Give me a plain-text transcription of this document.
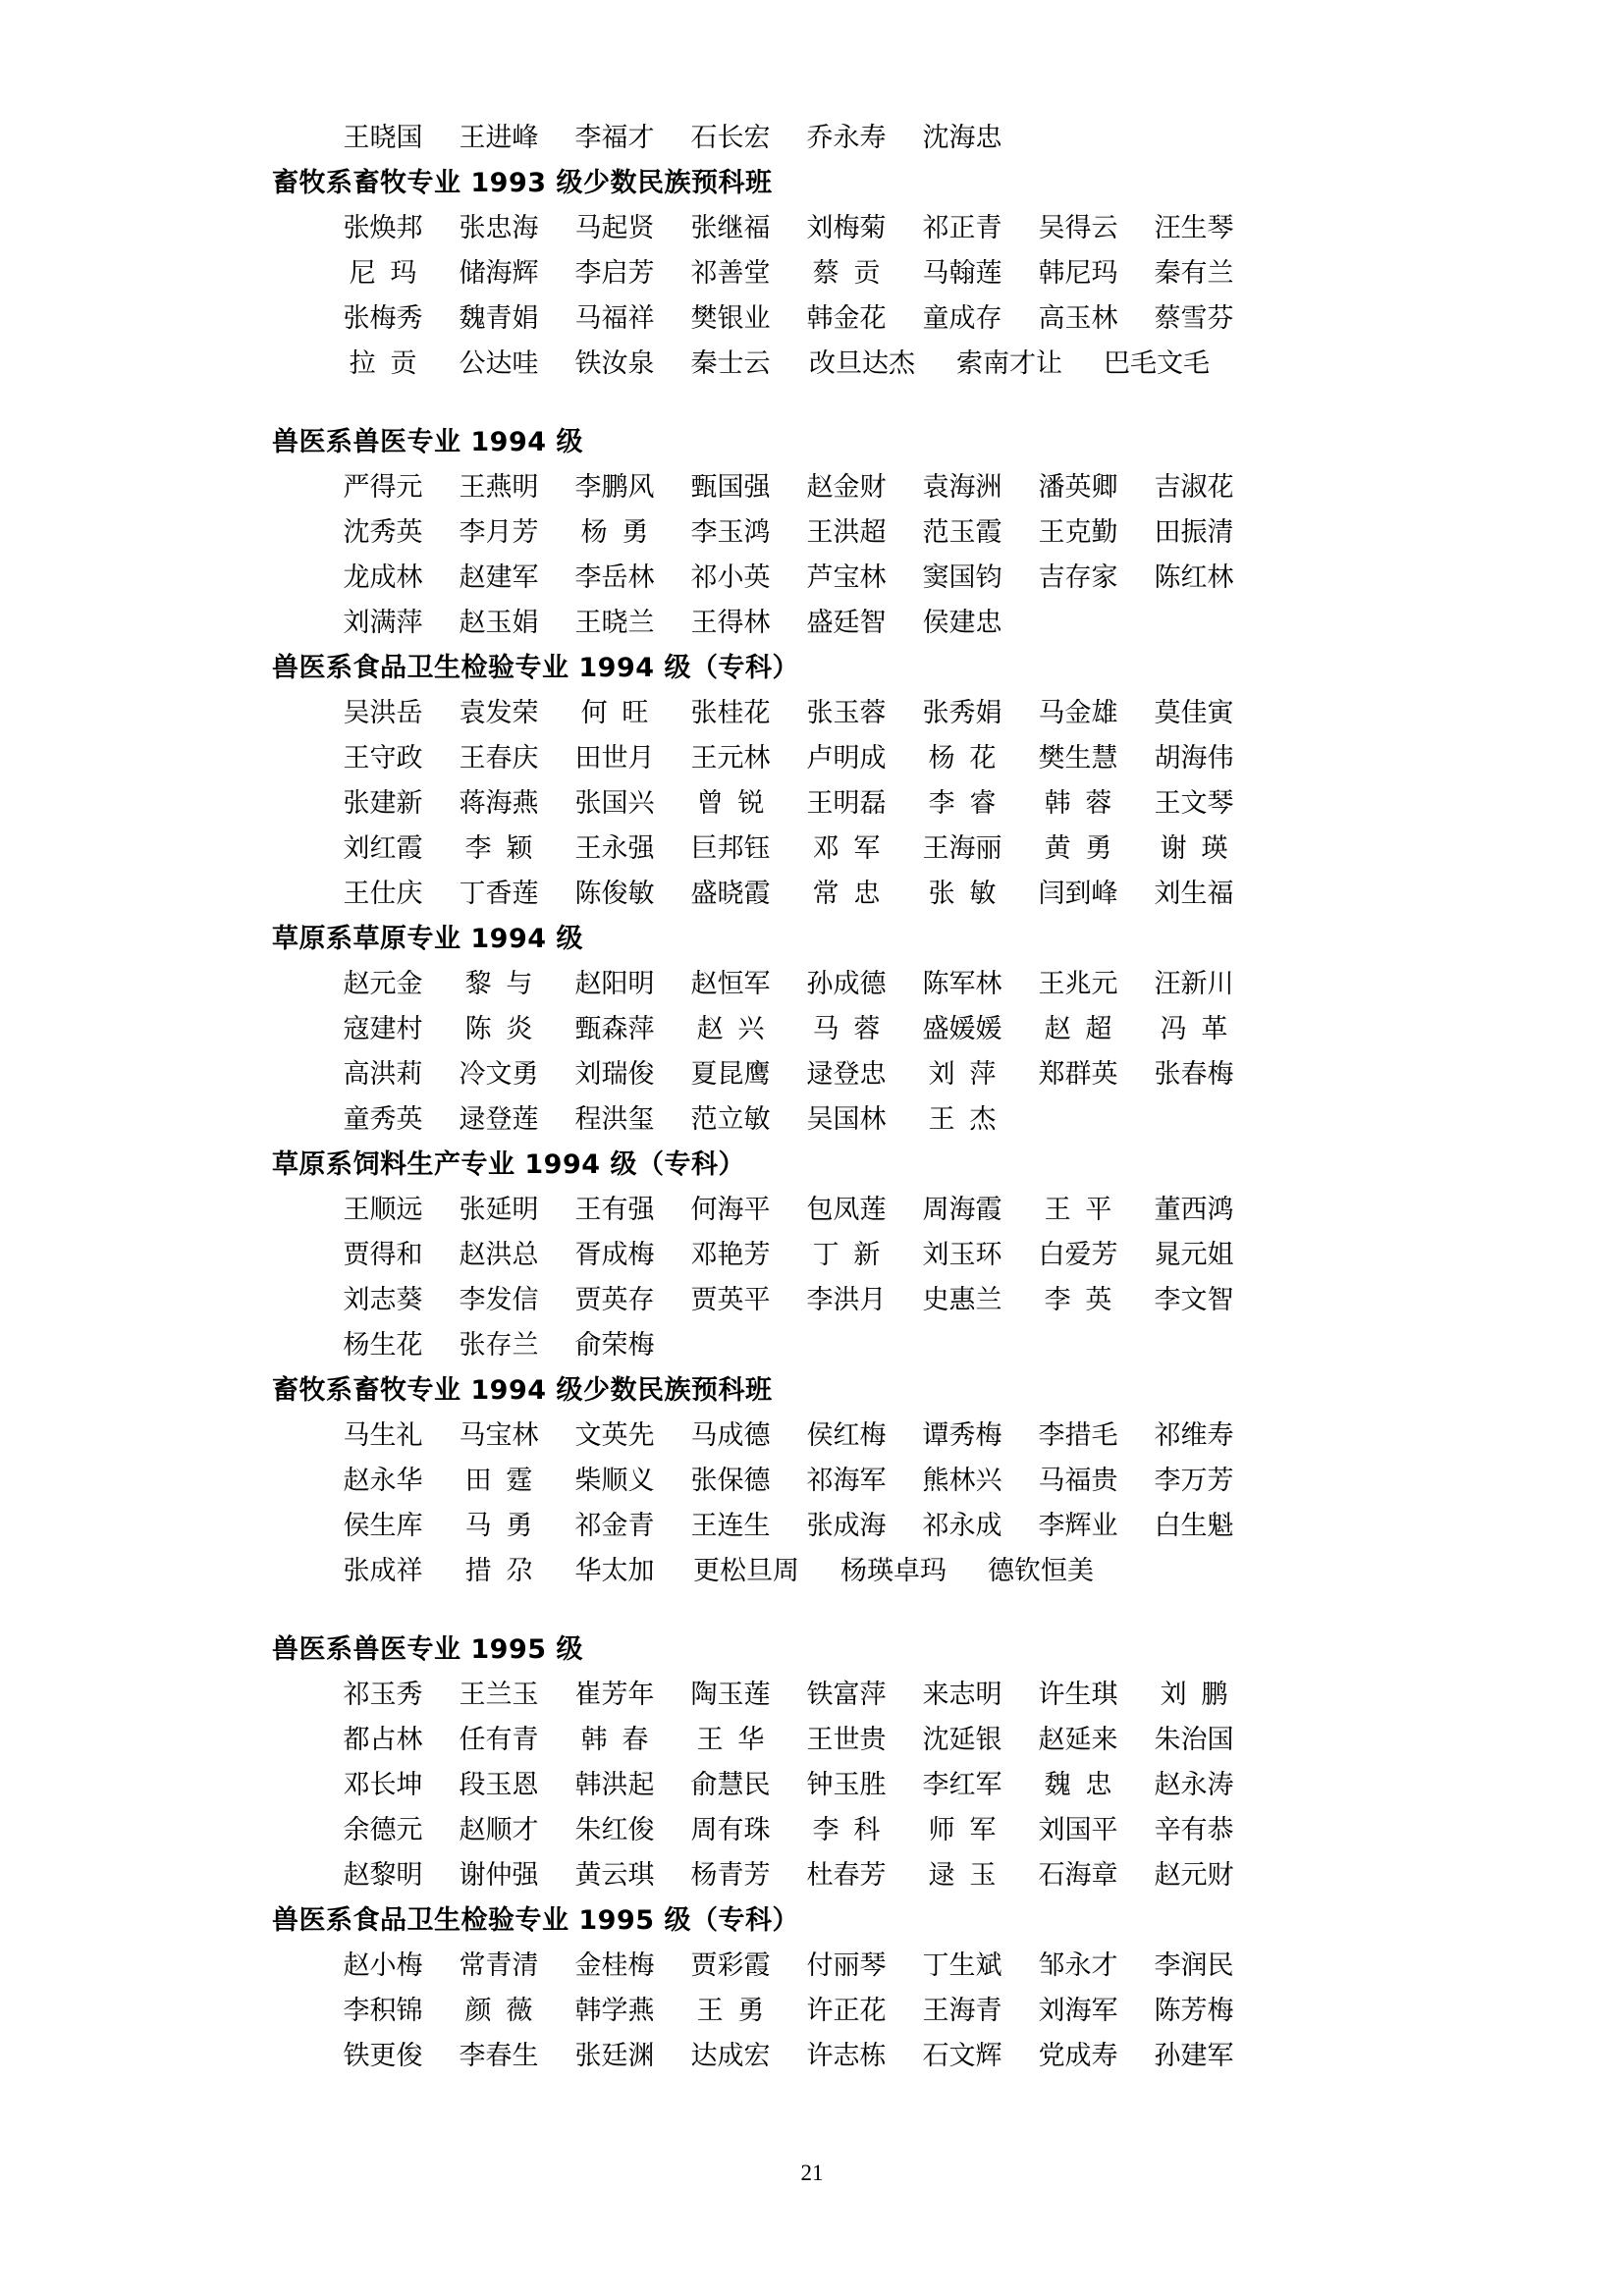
王晓国 王进峰 李福才 石长宏 乔永寿 沈海忠
畜牧系畜牧专业 1993 级少数民族预科班
张焕邦 张忠海 马起贤 张继福 刘梅菊 祁正青 吴得云 汪生琴
尼玛 储海辉 李启芳 祁善堂 蔡贡 马翰莲 韩尼玛 秦有兰
张梅秀 魏青娟 马福祥 樊银业 韩金花 童成存 高玉林 蔡雪芬
拉贡 公达哇 铁汝泉 秦士云 改旦达杰 索南才让 巴毛文毛
兽医系兽医专业 1994 级
严得元 王燕明 李鹏风 甄国强 赵金财 袁海洲 潘英卿 吉淑花
沈秀英 李月芳 杨勇 李玉鸿 王洪超 范玉霞 王克勤 田振清
龙成林 赵建军 李岳林 祁小英 芦宝林 窦国钧 吉存家 陈红林
刘满萍 赵玉娟 王晓兰 王得林 盛廷智 侯建忠
兽医系食品卫生检验专业 1994 级（专科）
吴洪岳 袁发荣 何旺 张桂花 张玉蓉 张秀娟 马金雄 莫佳寅
王守政 王春庆 田世月 王元林 卢明成 杨花 樊生慧 胡海伟
张建新 蒋海燕 张国兴 曾锐 王明磊 李睿 韩蓉 王文琴
刘红霞 李颖 王永强 巨邦钰 邓军 王海丽 黄勇 谢瑛
王仕庆 丁香莲 陈俊敏 盛晓霞 常忠 张敏 闫到峰 刘生福
草原系草原专业 1994 级
赵元金 黎与 赵阳明 赵恒军 孙成德 陈军林 王兆元 汪新川
寇建村 陈炎 甄森萍 赵兴 马蓉 盛媛媛 赵超 冯革
高洪莉 冷文勇 刘瑞俊 夏昆鹰 逯登忠 刘萍 郑群英 张春梅
童秀英 逯登莲 程洪玺 范立敏 吴国林 王杰
草原系饲料生产专业 1994 级（专科）
王顺远 张延明 王有强 何海平 包凤莲 周海霞 王平 董西鸿
贾得和 赵洪总 胥成梅 邓艳芳 丁新 刘玉环 白爱芳 晁元姐
刘志葵 李发信 贾英存 贾英平 李洪月 史惠兰 李英 李文智
杨生花 张存兰 俞荣梅
畜牧系畜牧专业 1994 级少数民族预科班
马生礼 马宝林 文英先 马成德 侯红梅 谭秀梅 李措毛 祁维寿
赵永华 田霆 柴顺义 张保德 祁海军 熊林兴 马福贵 李万芳
侯生库 马勇 祁金青 王连生 张成海 祁永成 李辉业 白生魁
张成祥 措尕 华太加 更松旦周 杨瑛卓玛 德钦恒美
兽医系兽医专业 1995 级
祁玉秀 王兰玉 崔芳年 陶玉莲 铁富萍 来志明 许生琪 刘鹏
都占林 任有青 韩春 王华 王世贵 沈延银 赵延来 朱治国
邓长坤 段玉恩 韩洪起 俞慧民 钟玉胜 李红军 魏忠 赵永涛
余德元 赵顺才 朱红俊 周有珠 李科 师军 刘国平 辛有恭
赵黎明 谢仲强 黄云琪 杨青芳 杜春芳 逯玉 石海章 赵元财
兽医系食品卫生检验专业 1995 级（专科）
赵小梅 常青清 金桂梅 贾彩霞 付丽琴 丁生斌 邹永才 李润民
李积锦 颜薇 韩学燕 王勇 许正花 王海青 刘海军 陈芳梅
铁更俊 李春生 张廷渊 达成宏 许志栋 石文辉 党成寿 孙建军
21
